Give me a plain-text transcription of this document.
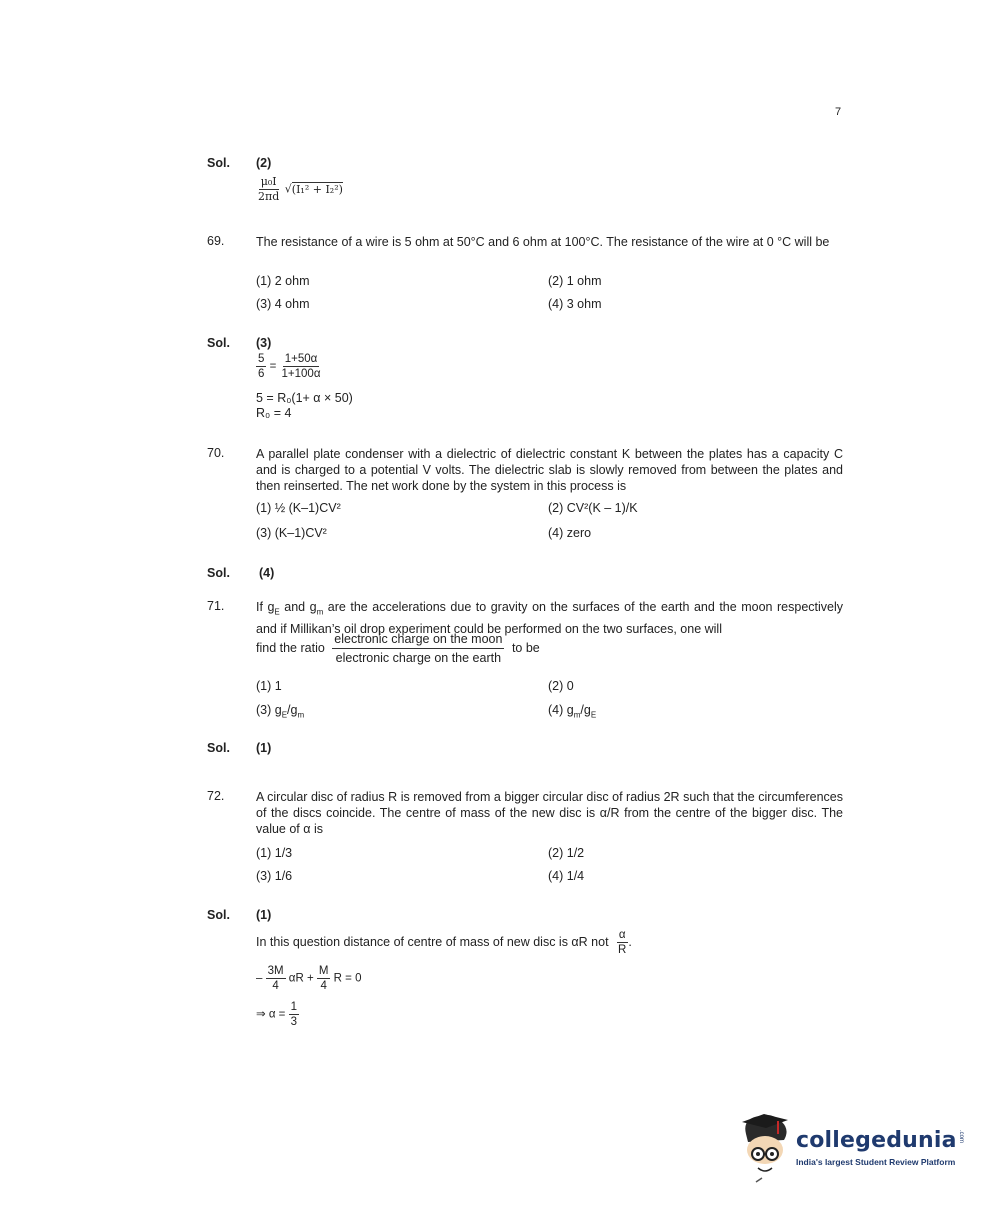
7
Sol. (2)
$\frac{\text{μ₀I}}{2\pi d} √(I_1^2 + I_2^2)$
69.	The resistance of a wire is 5 ohm at 50°C and 6 ohm at 100°C. The resistance of the wire at 0 °C will be
(1) 2 ohm	(2) 1 ohm
(3) 4 ohm	(4) 3 ohm
Sol. (3)
$\frac{5}{6} = \frac{1+50\alpha}{1+100\alpha}$
5 = R₀(1+ α × 50)
R₀ = 4
70.	A parallel plate condenser with a dielectric of dielectric constant K between the plates has a capacity C and is charged to a potential V volts. The dielectric slab is slowly removed from between the plates and then reinserted. The net work done by the system in this process is
(1) ½ (K–1)CV²	(2) CV²(K – 1)/K
(3) (K–1)CV²	(4) zero
Sol. (4)
71.	If $g_E$ and $g_m$ are the accelerations due to gravity on the surfaces of the earth and the moon respectively and if Millikan’s oil drop experiment could be performed on the two surfaces, one will
find the ratio $\frac{\text{electronic charge on the moon}}{\text{electronic charge on the earth}}$ to be
(1) 1	(2) 0
(3) $g_E/g_m$	(4) $g_m/g_E$
Sol. (1)
72.	A circular disc of radius R is removed from a bigger circular disc of radius 2R such that the circumferences of the discs coincide. The centre of mass of the new disc is α/R from the centre of the bigger disc. The value of α is
(1) 1/3	(2) 1/2
(3) 1/6	(4) 1/4
Sol. (1)
In this question distance of centre of mass of new disc is αR not $\frac{\alpha}{R}$ .
– $\frac{3M}{4}$ $\alpha R + \frac{M}{4}$ R = 0
⇒ $\alpha = \frac{1}{3}$
collegedunia .com
India's largest Student Review Platform
